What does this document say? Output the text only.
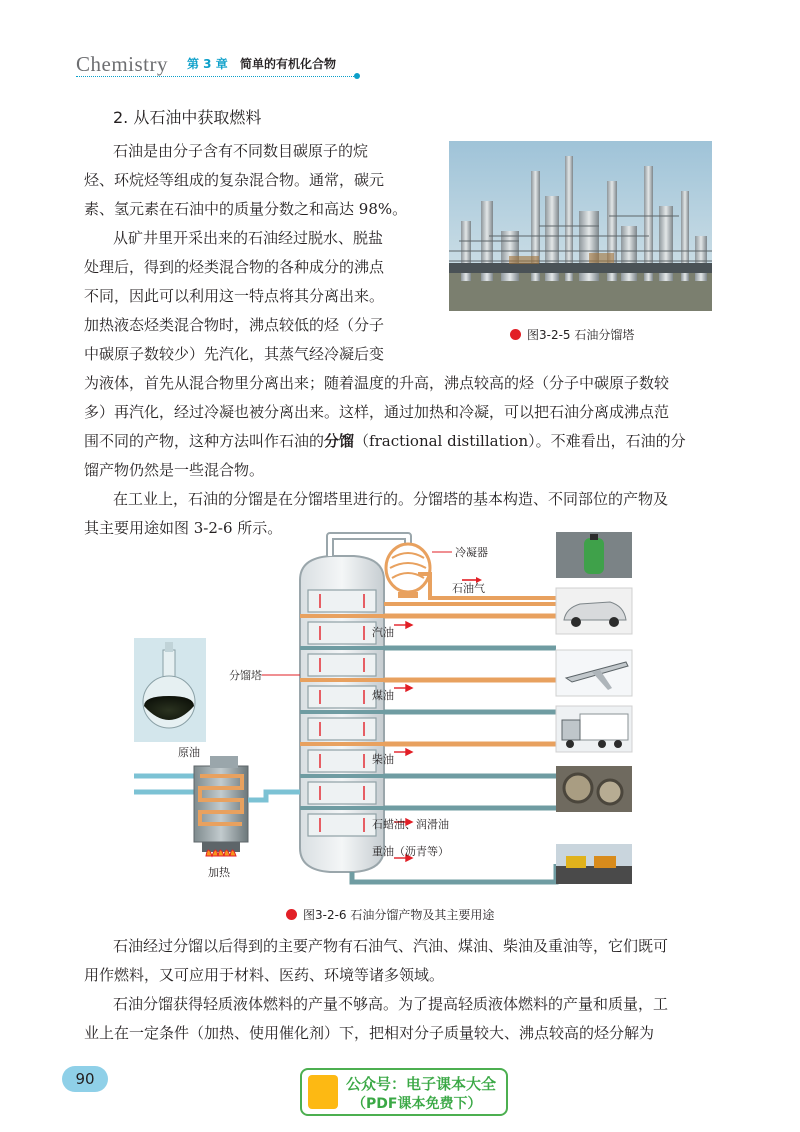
Chemistry 第 3 章 简单的有机化合物
2. 从石油中获取燃料
石油是由分子含有不同数目碳原子的烷
烃、环烷烃等组成的复杂混合物。通常，碳元
素、氢元素在石油中的质量分数之和高达 98%。
从矿井里开采出来的石油经过脱水、脱盐
处理后，得到的烃类混合物的各种成分的沸点
不同，因此可以利用这一特点将其分离出来。
加热液态烃类混合物时，沸点较低的烃（分子
中碳原子数较少）先汽化，其蒸气经冷凝后变
为液体，首先从混合物里分离出来；随着温度的升高，沸点较高的烃（分子中碳原子数较
多）再汽化，经过冷凝也被分离出来。这样，通过加热和冷凝，可以把石油分离成沸点范
围不同的产物，这种方法叫作石油的分馏（fractional distillation）。不难看出，石油的分
馏产物仍然是一些混合物。
在工业上，石油的分馏是在分馏塔里进行的。分馏塔的基本构造、不同部位的产物及
其主要用途如图 3-2-6 所示。
图3-2-5 石油分馏塔
冷凝器
石油气
汽油
煤油
柴油
石蜡油、润滑油
重油（沥青等）
分馏塔
原油
加热
图3-2-6 石油分馏产物及其主要用途
石油经过分馏以后得到的主要产物有石油气、汽油、煤油、柴油及重油等，它们既可
用作燃料，又可应用于材料、医药、环境等诸多领域。
石油分馏获得轻质液体燃料的产量不够高。为了提高轻质液体燃料的产量和质量，工
业上在一定条件（加热、使用催化剂）下，把相对分子质量较大、沸点较高的烃分解为
90	公众号：电子课本大全
（PDF课本免费下）
